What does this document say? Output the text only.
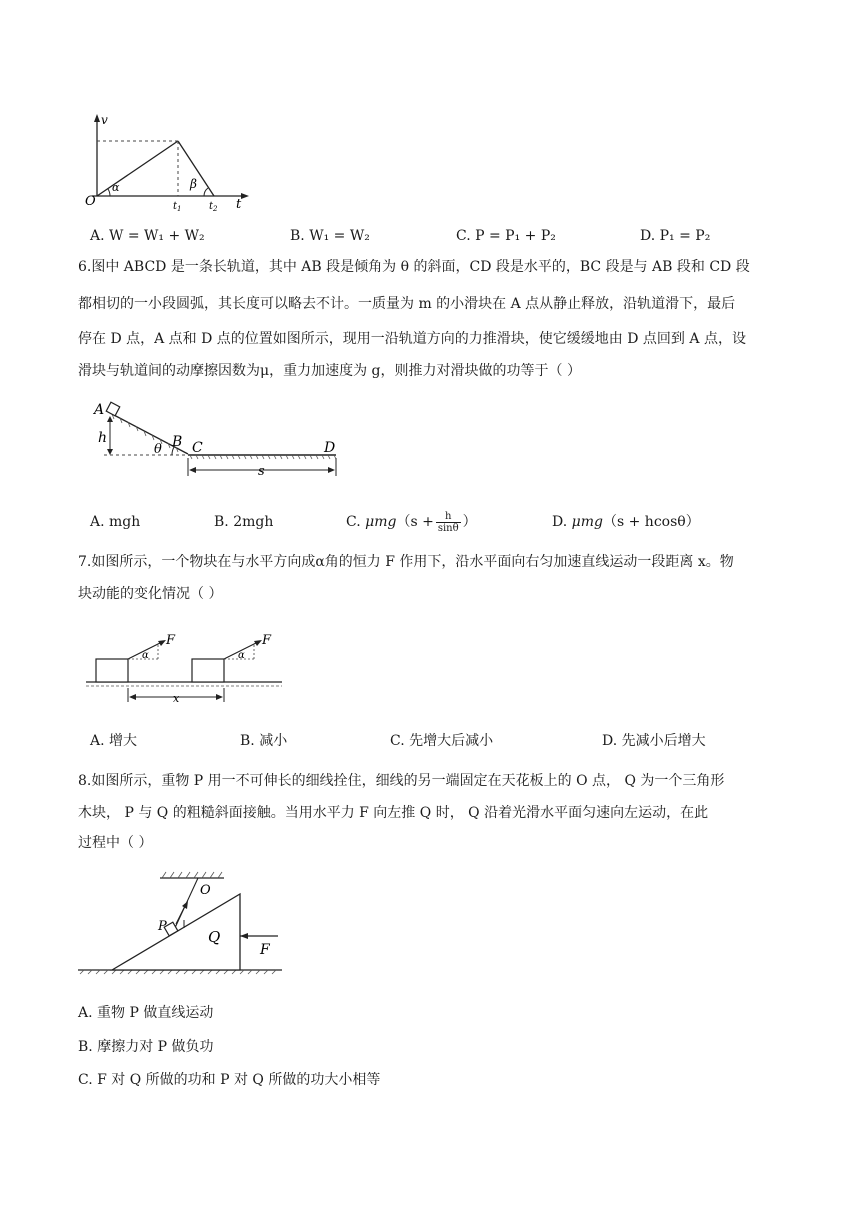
v
O
α	β
$t_1$	$t_2$ t
A. W = W₁ + W₂	B. W₁ = W₂	C. P = P₁ + P₂	D. P₁ = P₂
6.图中 ABCD 是一条长轨道，其中 AB 段是倾角为 θ 的斜面，CD 段是水平的，BC 段是与 AB 段和 CD 段
都相切的一小段圆弧，其长度可以略去不计。一质量为 m 的小滑块在 A 点从静止释放，沿轨道滑下，最后
停在 D 点，A 点和 D 点的位置如图所示，现用一沿轨道方向的力推滑块，使它缓缓地由 D 点回到 A 点，设
滑块与轨道间的动摩擦因数为μ，重力加速度为 g，则推力对滑块做的功等于（ ）
A
h	B
θ C	D
s
A. mgh	B. 2mgh	C. $\mu mg(s + \frac{h}{\sin\theta}$ ）	D. μmg（s + hcosθ）
7.如图所示，一个物块在与水平方向成α角的恒力 F 作用下，沿水平面向右匀加速直线运动一段距离 x。物
块动能的变化情况（ ）
F
α
F
α
x
A. 增大	B. 减小	C. 先增大后减小	D. 先减小后增大
8.如图所示，重物 P 用一不可伸长的细线拴住，细线的另一端固定在天花板上的 O 点， Q 为一个三角形
木块， P 与 Q 的粗糙斜面接触。当用水平力 F 向左推 Q 时， Q 沿着光滑水平面匀速向左运动，在此
过程中（ ）
O
P
Q
F
A. 重物 P 做直线运动
B. 摩擦力对 P 做负功
C. F 对 Q 所做的功和 P 对 Q 所做的功大小相等
